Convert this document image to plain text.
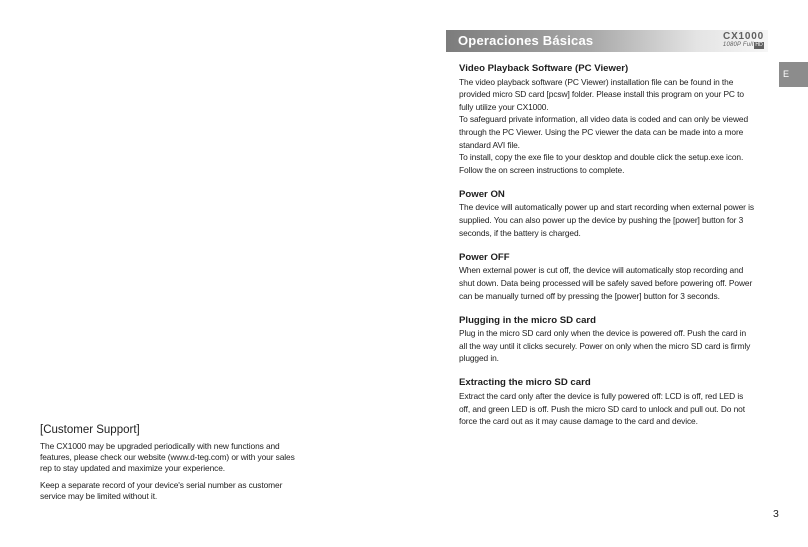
[Customer Support]

The CX1000 may be upgraded periodically with new functions and features, please check our website (www.d-teg.com) or with your sales rep to stay updated and maximize your experience.

Keep a separate record of your device's serial number as customer service may be limited without it.

Operaciones Básicas	CX1000
1080P Full HD
E

Video Playback Software (PC Viewer)

The video playback software (PC Viewer) installation file can be found in the provided micro SD card [pcsw] folder. Please install this program on your PC to fully utilize your CX1000.

To safeguard private information, all video data is coded and can only be viewed through the PC Viewer. Using the PC viewer the data can be made into a more standard AVI file.

To install, copy the exe file to your desktop and double click the setup.exe icon. Follow the on screen instructions to complete.

Power ON

The device will automatically power up and start recording when external power is supplied. You can also power up the device by pushing the [power] button for 3 seconds, if the battery is charged.

Power OFF

When external power is cut off, the device will automatically stop recording and shut down. Data being processed will be safely saved before powering off. Power can be manually turned off by pressing the [power] button for 3 seconds.

Plugging in the micro SD card

Plug in the micro SD card only when the device is powered off. Push the card in all the way until it clicks securely. Power on only when the micro SD card is firmly plugged in.

Extracting the micro SD card

Extract the card only after the device is fully powered off: LCD is off, red LED is off, and green LED is off. Push the micro SD card to unlock and pull out. Do not force the card out as it may cause damage to the card and device.

3
